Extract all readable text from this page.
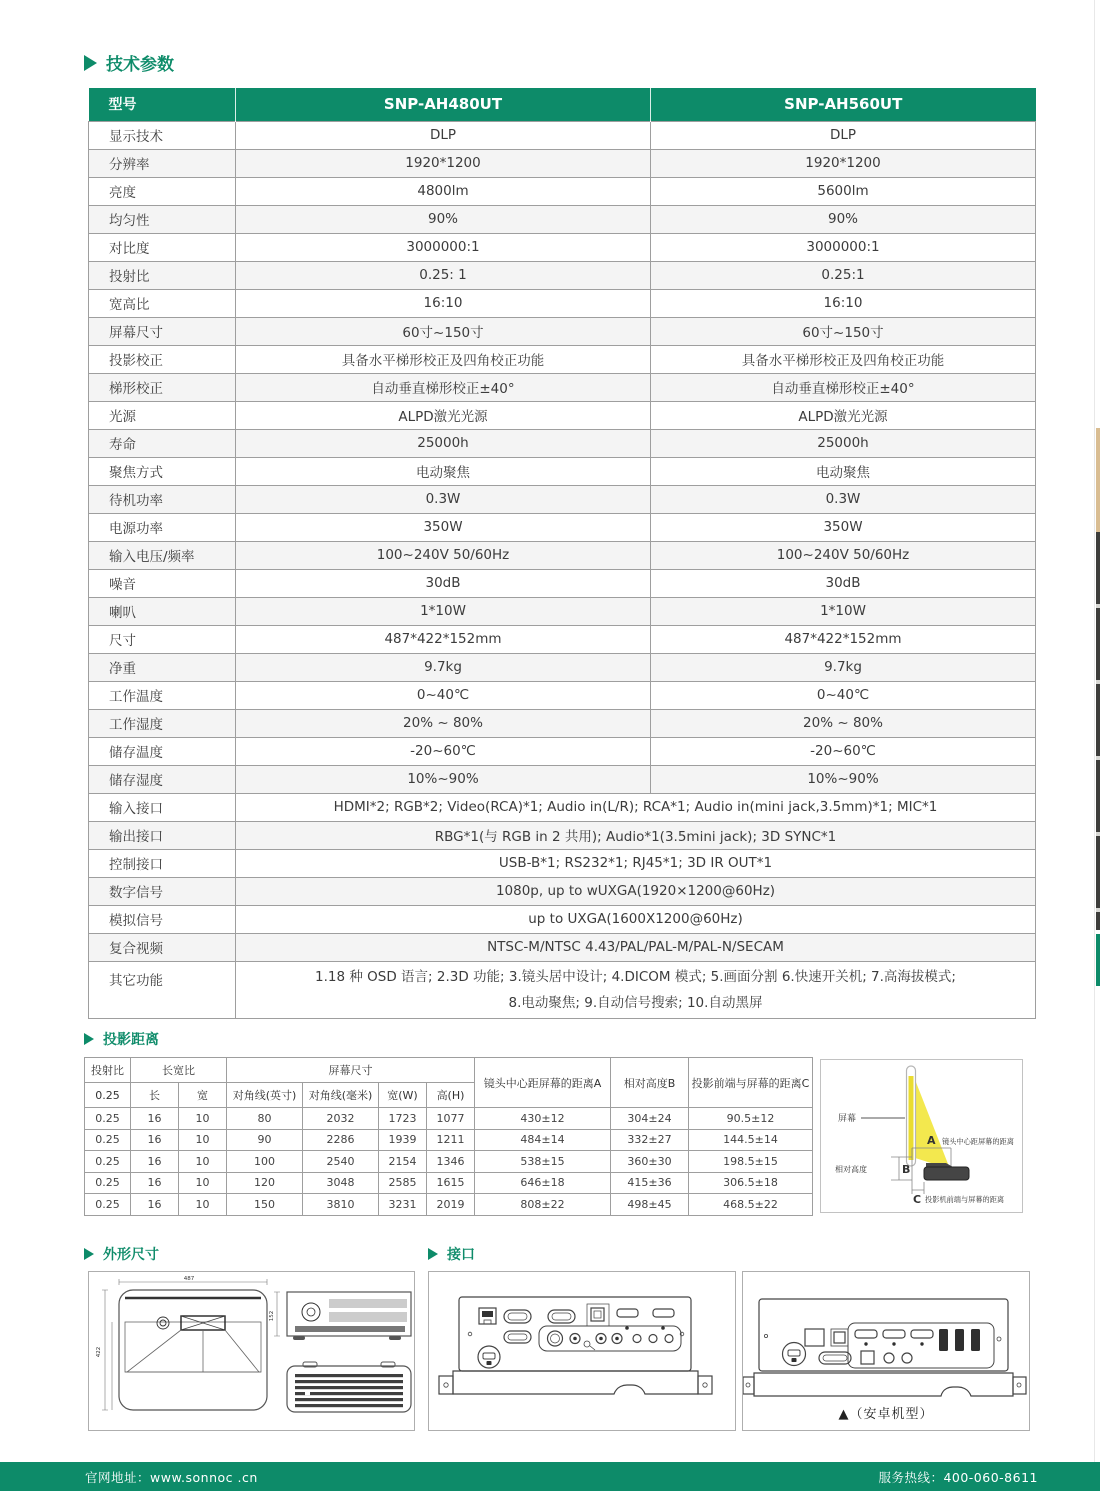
技术参数
型号	SNP-AH480UT	SNP-AH560UT
显示技术	DLP	DLP
分辨率	1920*1200	1920*1200
亮度	4800lm	5600lm
均匀性	90%	90%
对比度	3000000:1	3000000:1
投射比	0.25: 1	0.25:1
宽高比	16:10	16:10
屏幕尺寸	60寸~150寸	60寸~150寸
投影校正	具备水平梯形校正及四角校正功能	具备水平梯形校正及四角校正功能
梯形校正	自动垂直梯形校正±40°	自动垂直梯形校正±40°
光源	ALPD激光光源	ALPD激光光源
寿命	25000h	25000h
聚焦方式	电动聚焦	电动聚焦
待机功率	0.3W	0.3W
电源功率	350W	350W
输入电压/频率	100~240V 50/60Hz	100~240V 50/60Hz
噪音	30dB	30dB
喇叭	1*10W	1*10W
尺寸	487*422*152mm	487*422*152mm
净重	9.7kg	9.7kg
工作温度	0~40℃	0~40℃
工作湿度	20% ~ 80%	20% ~ 80%
储存温度	-20~60℃	-20~60℃
储存湿度	10%~90%	10%~90%
输入接口	HDMI*2; RGB*2; Video(RCA)*1; Audio in(L/R); RCA*1; Audio in(mini jack,3.5mm)*1; MIC*1	
输出接口	RBG*1(与 RGB in 2 共用); Audio*1(3.5mini jack); 3D SYNC*1	
控制接口	USB-B*1; RS232*1; RJ45*1; 3D IR OUT*1	
数字信号	1080p, up to wUXGA(1920×1200@60Hz)	
模拟信号	up to UXGA(1600X1200@60Hz)	
复合视频	NTSC-M/NTSC 4.43/PAL/PAL-M/PAL-N/SECAM	
其它功能	1.18 种 OSD 语言; 2.3D 功能; 3.镜头居中设计; 4.DICOM 模式; 5.画面分割 6.快速开关机; 7.高海拔模式;
8.电动聚焦; 9.自动信号搜索; 10.自动黑屏	
投影距离
投射比	长宽比		屏幕尺寸				镜头中心距屏幕的距离A	相对高度B	投影前端与屏幕的距离C
0.25	长	宽	对角线(英寸)	对角线(毫米)	宽(W)	高(H)			
0.25	16	10	80	2032	1723	1077	430±12	304±24	90.5±12
0.25	16	10	90	2286	1939	1211	484±14	332±27	144.5±14
0.25	16	10	100	2540	2154	1346	538±15	360±30	198.5±15
0.25	16	10	120	3048	2585	1615	646±18	415±36	306.5±18
0.25	16	10	150	3810	3231	2019	808±22	498±45	468.5±22
屏幕
A 镜头中心距屏幕的距离
相对高度	B
C 投影机前端与屏幕的距离
外形尺寸
487
422
152
接口
▲（安卓机型）
官网地址：www.sonnoc .cn	服务热线：400-060-8611
